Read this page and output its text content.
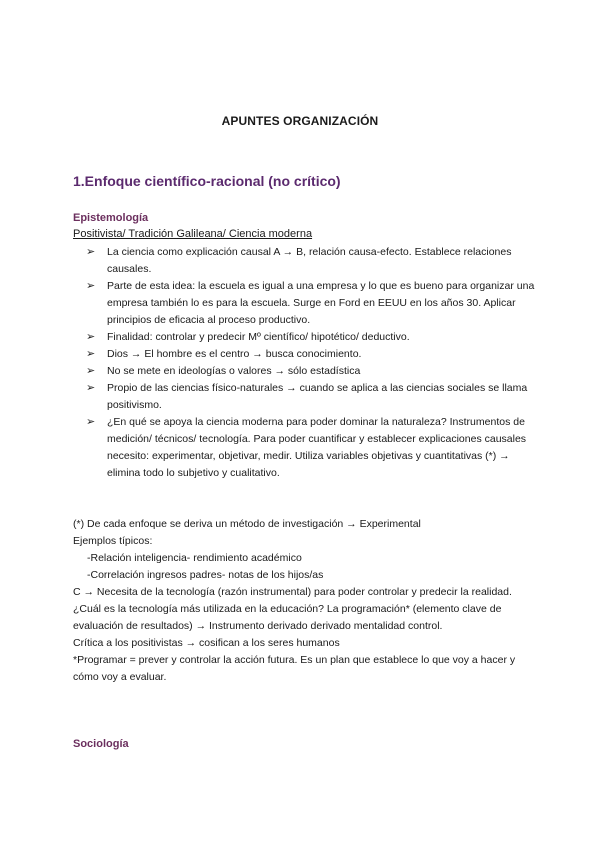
APUNTES ORGANIZACIÓN
1.Enfoque científico-racional (no crítico)
Epistemología
Positivista/ Tradición Galileana/ Ciencia moderna
➢ La ciencia como explicación causal A → B, relación causa-efecto. Establece relaciones causales.
➢ Parte de esta idea: la escuela es igual a una empresa y lo que es bueno para organizar una empresa también lo es para la escuela. Surge en Ford en EEUU en los años 30. Aplicar principios de eficacia al proceso productivo.
➢ Finalidad: controlar y predecir Mº científico/ hipotético/ deductivo.
➢ Dios → El hombre es el centro → busca conocimiento.
➢ No se mete en ideologías o valores → sólo estadística
➢ Propio de las ciencias físico-naturales → cuando se aplica a las ciencias sociales se llama positivismo.
➢ ¿En qué se apoya la ciencia moderna para poder dominar la naturaleza? Instrumentos de medición/ técnicos/ tecnología. Para poder cuantificar y establecer explicaciones causales necesito: experimentar, objetivar, medir. Utiliza variables objetivas y cuantitativas (*) → elimina todo lo subjetivo y cualitativo.

(*) De cada enfoque se deriva un método de investigación → Experimental

Ejemplos típicos:

-Relación inteligencia- rendimiento académico

-Correlación ingresos padres- notas de los hijos/as

C → Necesita de la tecnología (razón instrumental) para poder controlar y predecir la realidad.

¿Cuál es la tecnología más utilizada en la educación? La programación* (elemento clave de evaluación de resultados) → Instrumento derivado derivado mentalidad control.

Crítica a los positivistas → cosifican a los seres humanos

*Programar = prever y controlar la acción futura. Es un plan que establece lo que voy a hacer y cómo voy a evaluar.

Sociología
